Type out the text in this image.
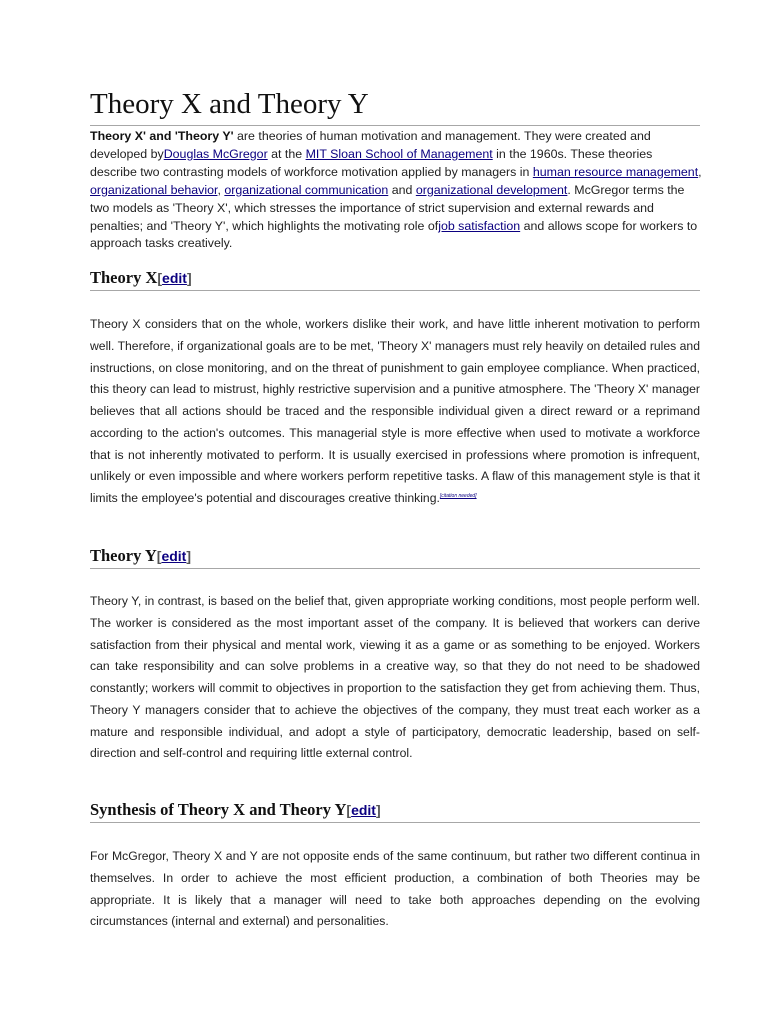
Theory X and Theory Y

Theory X' and 'Theory Y' are theories of human motivation and management. They were created and developed byDouglas McGregor at the MIT Sloan School of Management in the 1960s. These theories describe two contrasting models of workforce motivation applied by managers in human resource management, organizational behavior, organizational communication and organizational development. McGregor terms the two models as 'Theory X', which stresses the importance of strict supervision and external rewards and penalties; and 'Theory Y', which highlights the motivating role ofjob satisfaction and allows scope for workers to approach tasks creatively.

Theory X[edit]

Theory X considers that on the whole, workers dislike their work, and have little inherent motivation to perform well. Therefore, if organizational goals are to be met, 'Theory X' managers must rely heavily on detailed rules and instructions, on close monitoring, and on the threat of punishment to gain employee compliance. When practiced, this theory can lead to mistrust, highly restrictive supervision and a punitive atmosphere. The 'Theory X' manager believes that all actions should be traced and the responsible individual given a direct reward or a reprimand according to the action's outcomes. This managerial style is more effective when used to motivate a workforce that is not inherently motivated to perform. It is usually exercised in professions where promotion is infrequent, unlikely or even impossible and where workers perform repetitive tasks. A flaw of this management style is that it limits the employee's potential and discourages creative thinking.[citation needed]

Theory Y[edit]

Theory Y, in contrast, is based on the belief that, given appropriate working conditions, most people perform well. The worker is considered as the most important asset of the company. It is believed that workers can derive satisfaction from their physical and mental work, viewing it as a game or as something to be enjoyed. Workers can take responsibility and can solve problems in a creative way, so that they do not need to be shadowed constantly; workers will commit to objectives in proportion to the satisfaction they get from achieving them. Thus, Theory Y managers consider that to achieve the objectives of the company, they must treat each worker as a mature and responsible individual, and adopt a style of participatory, democratic leadership, based on self-direction and self-control and requiring little external control.

Synthesis of Theory X and Theory Y[edit]

For McGregor, Theory X and Y are not opposite ends of the same continuum, but rather two different continua in themselves. In order to achieve the most efficient production, a combination of both Theories may be appropriate. It is likely that a manager will need to take both approaches depending on the evolving circumstances (internal and external) and personalities.
